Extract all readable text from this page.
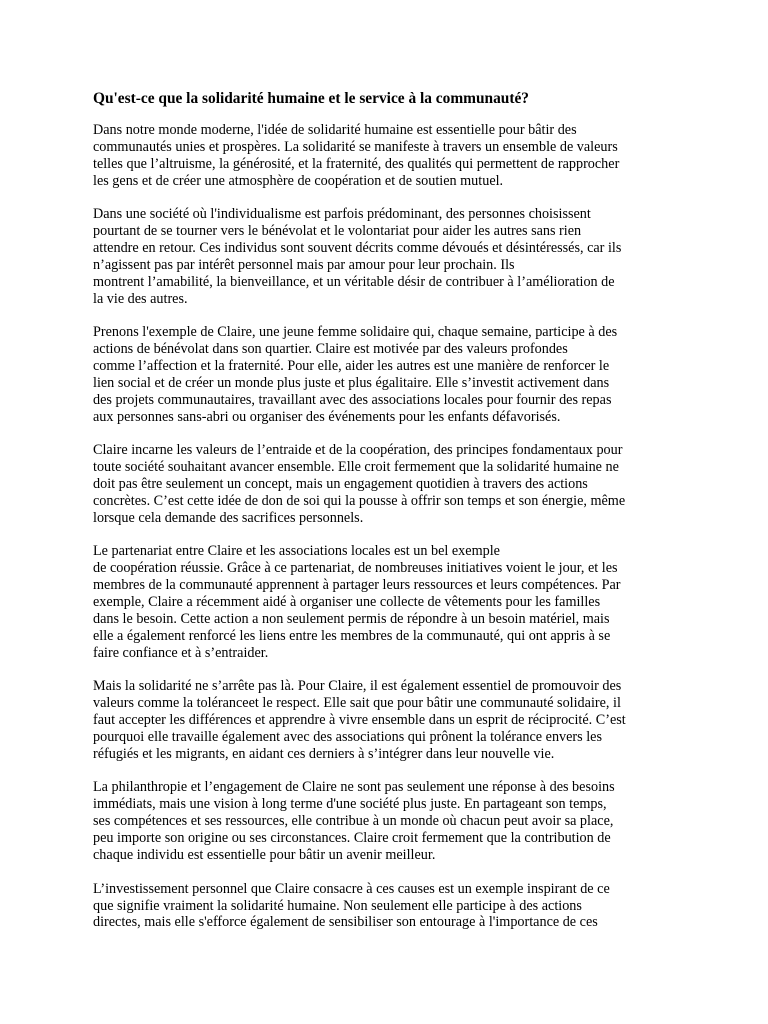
Qu'est-ce que la solidarité humaine et le service à la communauté?

Dans notre monde moderne, l'idée de solidarité humaine est essentielle pour bâtir des
communautés unies et prospères. La solidarité se manifeste à travers un ensemble de valeurs
telles que l’altruisme, la générosité, et la fraternité, des qualités qui permettent de rapprocher
les gens et de créer une atmosphère de coopération et de soutien mutuel.

Dans une société où l'individualisme est parfois prédominant, des personnes choisissent
pourtant de se tourner vers le bénévolat et le volontariat pour aider les autres sans rien
attendre en retour. Ces individus sont souvent décrits comme dévoués et désintéressés, car ils
n’agissent pas par intérêt personnel mais par amour pour leur prochain. Ils
montrent l’amabilité, la bienveillance, et un véritable désir de contribuer à l’amélioration de
la vie des autres.

Prenons l'exemple de Claire, une jeune femme solidaire qui, chaque semaine, participe à des
actions de bénévolat dans son quartier. Claire est motivée par des valeurs profondes
comme l’affection et la fraternité. Pour elle, aider les autres est une manière de renforcer le
lien social et de créer un monde plus juste et plus égalitaire. Elle s’investit activement dans
des projets communautaires, travaillant avec des associations locales pour fournir des repas
aux personnes sans-abri ou organiser des événements pour les enfants défavorisés.

Claire incarne les valeurs de l’entraide et de la coopération, des principes fondamentaux pour
toute société souhaitant avancer ensemble. Elle croit fermement que la solidarité humaine ne
doit pas être seulement un concept, mais un engagement quotidien à travers des actions
concrètes. C’est cette idée de don de soi qui la pousse à offrir son temps et son énergie, même
lorsque cela demande des sacrifices personnels.

Le partenariat entre Claire et les associations locales est un bel exemple
de coopération réussie. Grâce à ce partenariat, de nombreuses initiatives voient le jour, et les
membres de la communauté apprennent à partager leurs ressources et leurs compétences. Par
exemple, Claire a récemment aidé à organiser une collecte de vêtements pour les familles
dans le besoin. Cette action a non seulement permis de répondre à un besoin matériel, mais
elle a également renforcé les liens entre les membres de la communauté, qui ont appris à se
faire confiance et à s’entraider.

Mais la solidarité ne s’arrête pas là. Pour Claire, il est également essentiel de promouvoir des
valeurs comme la toléranceet le respect. Elle sait que pour bâtir une communauté solidaire, il
faut accepter les différences et apprendre à vivre ensemble dans un esprit de réciprocité. C’est
pourquoi elle travaille également avec des associations qui prônent la tolérance envers les
réfugiés et les migrants, en aidant ces derniers à s’intégrer dans leur nouvelle vie.

La philanthropie et l’engagement de Claire ne sont pas seulement une réponse à des besoins
immédiats, mais une vision à long terme d'une société plus juste. En partageant son temps,
ses compétences et ses ressources, elle contribue à un monde où chacun peut avoir sa place,
peu importe son origine ou ses circonstances. Claire croit fermement que la contribution de
chaque individu est essentielle pour bâtir un avenir meilleur.

L’investissement personnel que Claire consacre à ces causes est un exemple inspirant de ce
que signifie vraiment la solidarité humaine. Non seulement elle participe à des actions
directes, mais elle s'efforce également de sensibiliser son entourage à l'importance de ces
